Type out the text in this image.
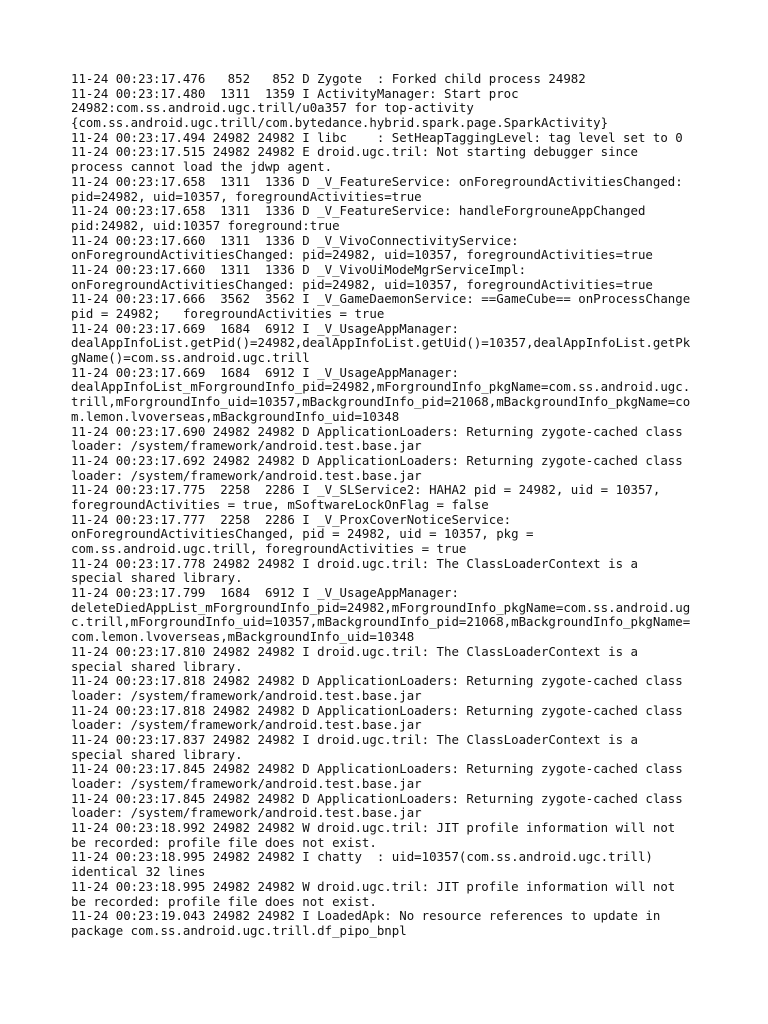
11-24 00:23:17.476   852   852 D Zygote  : Forked child process 24982
11-24 00:23:17.480  1311  1359 I ActivityManager: Start proc
24982:com.ss.android.ugc.trill/u0a357 for top-activity
{com.ss.android.ugc.trill/com.bytedance.hybrid.spark.page.SparkActivity}
11-24 00:23:17.494 24982 24982 I libc    : SetHeapTaggingLevel: tag level set to 0
11-24 00:23:17.515 24982 24982 E droid.ugc.tril: Not starting debugger since
process cannot load the jdwp agent.
11-24 00:23:17.658  1311  1336 D _V_FeatureService: onForegroundActivitiesChanged:
pid=24982, uid=10357, foregroundActivities=true
11-24 00:23:17.658  1311  1336 D _V_FeatureService: handleForgrouneAppChanged
pid:24982, uid:10357 foreground:true
11-24 00:23:17.660  1311  1336 D _V_VivoConnectivityService:
onForegroundActivitiesChanged: pid=24982, uid=10357, foregroundActivities=true
11-24 00:23:17.660  1311  1336 D _V_VivoUiModeMgrServiceImpl:
onForegroundActivitiesChanged: pid=24982, uid=10357, foregroundActivities=true
11-24 00:23:17.666  3562  3562 I _V_GameDaemonService: ==GameCube== onProcessChange
pid = 24982;   foregroundActivities = true
11-24 00:23:17.669  1684  6912 I _V_UsageAppManager:
dealAppInfoList.getPid()=24982,dealAppInfoList.getUid()=10357,dealAppInfoList.getPk
gName()=com.ss.android.ugc.trill
11-24 00:23:17.669  1684  6912 I _V_UsageAppManager:
dealAppInfoList_mForgroundInfo_pid=24982,mForgroundInfo_pkgName=com.ss.android.ugc.
trill,mForgroundInfo_uid=10357,mBackgroundInfo_pid=21068,mBackgroundInfo_pkgName=co
m.lemon.lvoverseas,mBackgroundInfo_uid=10348
11-24 00:23:17.690 24982 24982 D ApplicationLoaders: Returning zygote-cached class
loader: /system/framework/android.test.base.jar
11-24 00:23:17.692 24982 24982 D ApplicationLoaders: Returning zygote-cached class
loader: /system/framework/android.test.base.jar
11-24 00:23:17.775  2258  2286 I _V_SLService2: HAHA2 pid = 24982, uid = 10357,
foregroundActivities = true, mSoftwareLockOnFlag = false
11-24 00:23:17.777  2258  2286 I _V_ProxCoverNoticeService:
onForegroundActivitiesChanged, pid = 24982, uid = 10357, pkg =
com.ss.android.ugc.trill, foregroundActivities = true
11-24 00:23:17.778 24982 24982 I droid.ugc.tril: The ClassLoaderContext is a
special shared library.
11-24 00:23:17.799  1684  6912 I _V_UsageAppManager:
deleteDiedAppList_mForgroundInfo_pid=24982,mForgroundInfo_pkgName=com.ss.android.ug
c.trill,mForgroundInfo_uid=10357,mBackgroundInfo_pid=21068,mBackgroundInfo_pkgName=
com.lemon.lvoverseas,mBackgroundInfo_uid=10348
11-24 00:23:17.810 24982 24982 I droid.ugc.tril: The ClassLoaderContext is a
special shared library.
11-24 00:23:17.818 24982 24982 D ApplicationLoaders: Returning zygote-cached class
loader: /system/framework/android.test.base.jar
11-24 00:23:17.818 24982 24982 D ApplicationLoaders: Returning zygote-cached class
loader: /system/framework/android.test.base.jar
11-24 00:23:17.837 24982 24982 I droid.ugc.tril: The ClassLoaderContext is a
special shared library.
11-24 00:23:17.845 24982 24982 D ApplicationLoaders: Returning zygote-cached class
loader: /system/framework/android.test.base.jar
11-24 00:23:17.845 24982 24982 D ApplicationLoaders: Returning zygote-cached class
loader: /system/framework/android.test.base.jar
11-24 00:23:18.992 24982 24982 W droid.ugc.tril: JIT profile information will not
be recorded: profile file does not exist.
11-24 00:23:18.995 24982 24982 I chatty  : uid=10357(com.ss.android.ugc.trill)
identical 32 lines
11-24 00:23:18.995 24982 24982 W droid.ugc.tril: JIT profile information will not
be recorded: profile file does not exist.
11-24 00:23:19.043 24982 24982 I LoadedApk: No resource references to update in
package com.ss.android.ugc.trill.df_pipo_bnpl
